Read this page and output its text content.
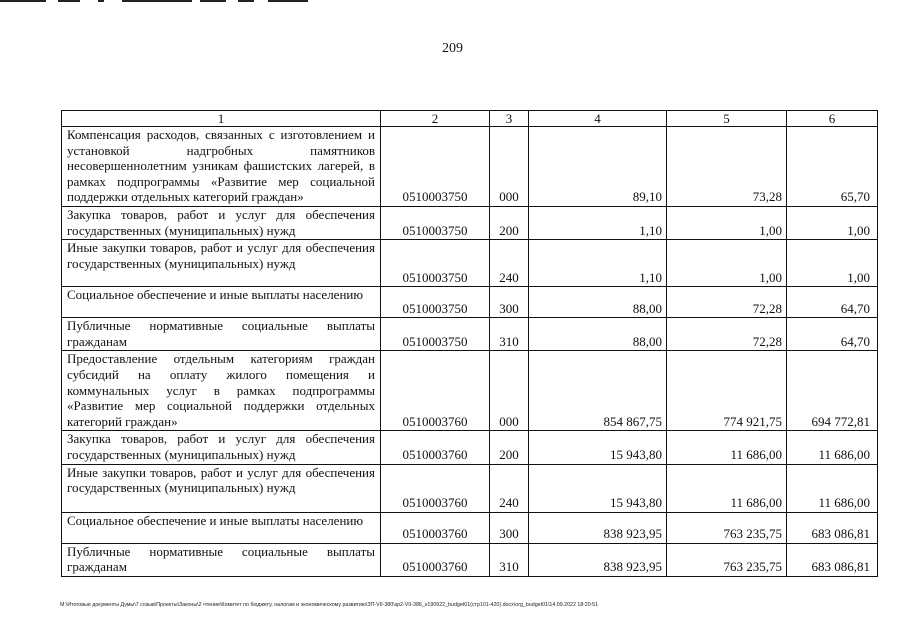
209
1	2	3	4	5	6
Компенсация расходов, связанных с изготовлением и установкой надгробных памятников несовершеннолетним узникам фашистских лагерей, в рамках подпрограммы «Развитие мер социальной поддержки отдельных категорий граждан»	0510003750	000	89,10	73,28	65,70
Закупка товаров, работ и услуг для обеспечения государственных (муниципальных) нужд	0510003750	200	1,10	1,00	1,00
Иные закупки товаров, работ и услуг для обеспечения государственных (муниципальных) нужд	0510003750	240	1,10	1,00	1,00
Социальное обеспечение и иные выплаты населению	0510003750	300	88,00	72,28	64,70
Публичные нормативные социальные выплаты гражданам	0510003750	310	88,00	72,28	64,70
Предоставление отдельным категориям граждан субсидий на оплату жилого помещения и коммунальных услуг в рамках подпрограммы «Развитие мер социальной поддержки отдельных категорий граждан»	0510003760	000	854 867,75	774 921,75	694 772,81
Закупка товаров, работ и услуг для обеспечения государственных (муниципальных) нужд	0510003760	200	15 943,80	11 686,00	11 686,00
Иные закупки товаров, работ и услуг для обеспечения государственных (муниципальных) нужд	0510003760	240	15 943,80	11 686,00	11 686,00
Социальное обеспечение и иные выплаты населению	0510003760	300	838 923,95	763 235,75	683 086,81
Публичные нормативные социальные выплаты гражданам	0510003760	310	838 923,95	763 235,75	683 086,81
M:\Итоговые документы Думы\7 созыв\Проекты\Законы\2 чтение\Комитет по бюджету, налогам и экономическому развитию\ЗП-VII-380\зр2-VII-386_v190922_budget01(стр101-420).docx\org_budget01\14.09.2022 18:20:51
